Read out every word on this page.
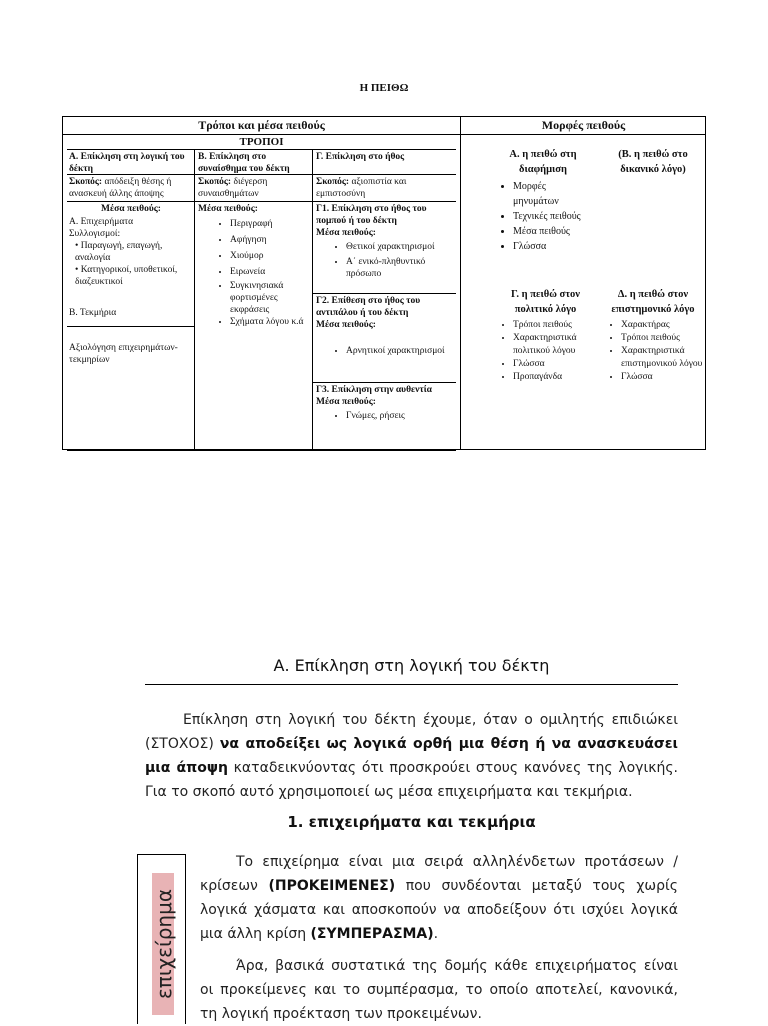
Η ΠΕΙΘΩ
Τρόποι και μέσα πειθούς	Μορφές πειθούς
ΤΡΟΠΟΙ
Α. Επίκληση στη λογική του δέκτη
Σκοπός: απόδειξη θέσης ή ανασκευή άλλης άποψης
Μέσα πειθούς:
Α. Επιχειρήματα
Συλλογισμοί:
• Παραγωγή, επαγωγή, αναλογία
• Κατηγορικοί, υποθετικοί, διαζευκτικοί
Β. Τεκμήρια
Αξιολόγηση επιχειρημάτων-τεκμηρίων
Β. Επίκληση στο συναίσθημα του δέκτη
Σκοπός: διέγερση συναισθημάτων
Μέσα πειθούς:
• Περιγραφή
• Αφήγηση
• Χιούμορ
• Ειρωνεία
• Συγκινησιακά φορτισμένες εκφράσεις
• Σχήματα λόγου κ.ά
Γ. Επίκληση στο ήθος
Σκοπός: αξιοπιστία και εμπιστοσύνη
Γ1. Επίκληση στο ήθος του πομπού ή του δέκτη
Μέσα πειθούς:
• Θετικοί χαρακτηρισμοί
• Α΄ ενικό-πληθυντικό πρόσωπο
Γ2. Επίθεση στο ήθος του αντιπάλου ή του δέκτη
Μέσα πειθούς:
• Αρνητικοί χαρακτηρισμοί
Γ3. Επίκληση στην αυθεντία
Μέσα πειθούς:
• Γνώμες, ρήσεις
Α. η πειθώ στη διαφήμιση
• Μορφές μηνυμάτων
• Τεχνικές πειθούς
• Μέσα πειθούς
• Γλώσσα
(Β. η πειθώ στο δικανικό λόγο)
Γ. η πειθώ στον πολιτικό λόγο
• Τρόποι πειθούς
• Χαρακτηριστικά πολιτικού λόγου
• Γλώσσα
• Προπαγάνδα
Δ. η πειθώ στον επιστημονικό λόγο
• Χαρακτήρας
• Τρόποι πειθούς
• Χαρακτηριστικά επιστημονικού λόγου
• Γλώσσα
Α. Επίκληση στη λογική του δέκτη
Επίκληση στη λογική του δέκτη έχουμε, όταν ο ομιλητής επιδιώκει (ΣΤΟΧΟΣ) να αποδείξει ως λογικά ορθή μια θέση ή να ανασκευάσει μια άποψη καταδεικνύοντας ότι προσκρούει στους κανόνες της λογικής. Για το σκοπό αυτό χρησιμοποιεί ως μέσα επιχειρήματα και τεκμήρια.
1. επιχειρήματα και τεκμήρια
επιχείρημα
Το επιχείρημα είναι μια σειρά αλληλένδετων προτάσεων / κρίσεων (ΠΡΟΚΕΙΜΕΝΕΣ) που συνδέονται μεταξύ τους χωρίς λογικά χάσματα και αποσκοπούν να αποδείξουν ότι ισχύει λογικά μια άλλη κρίση (ΣΥΜΠΕΡΑΣΜΑ).
Άρα, βασικά συστατικά της δομής κάθε επιχειρήματος είναι οι προκείμενες και το συμπέρασμα, το οποίο αποτελεί, κανονικά, τη λογική προέκταση των προκειμένων.
